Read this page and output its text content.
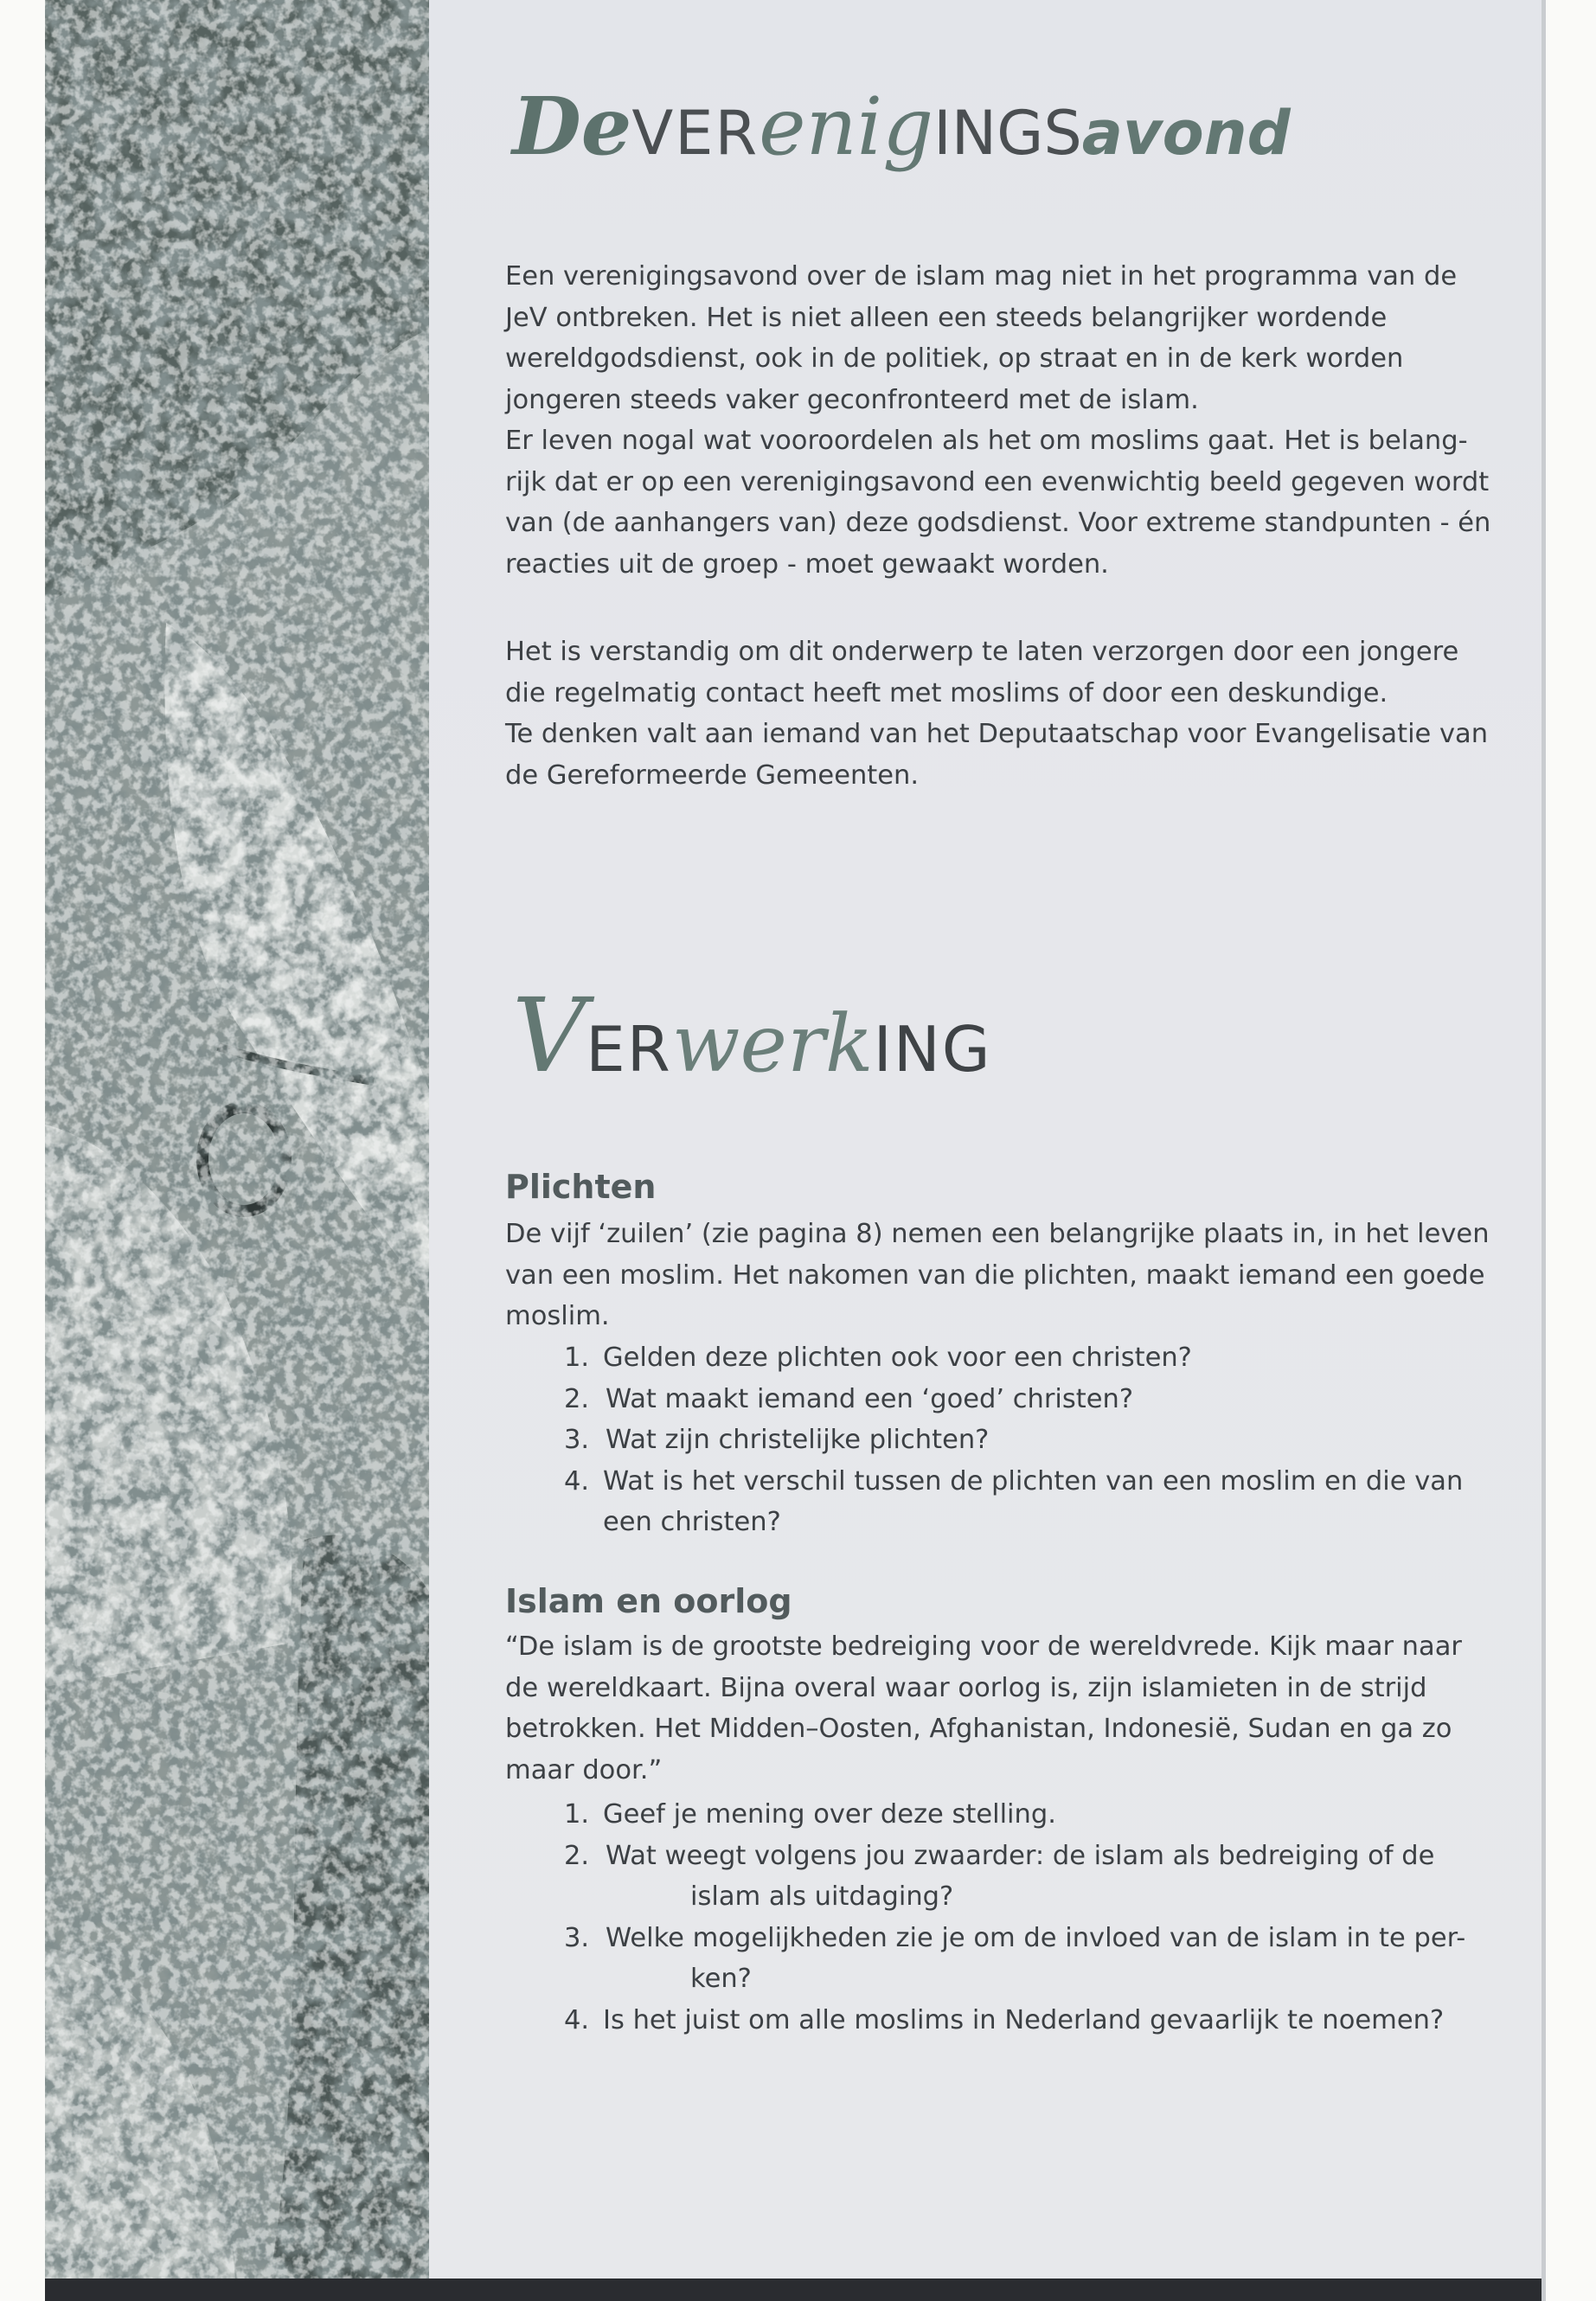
DeVERenigINGSavond
Een verenigingsavond over de islam mag niet in het programma van de
JeV ontbreken. Het is niet alleen een steeds belangrijker wordende
wereldgodsdienst, ook in de politiek, op straat en in de kerk worden
jongeren steeds vaker geconfronteerd met de islam.
Er leven nogal wat vooroordelen als het om moslims gaat. Het is belang-
rijk dat er op een verenigingsavond een evenwichtig beeld gegeven wordt
van (de aanhangers van) deze godsdienst. Voor extreme standpunten - én
reacties uit de groep - moet gewaakt worden.
Het is verstandig om dit onderwerp te laten verzorgen door een jongere
die regelmatig contact heeft met moslims of door een deskundige.
Te denken valt aan iemand van het Deputaatschap voor Evangelisatie van
de Gereformeerde Gemeenten.
VERwerkING
Plichten
De vijf ‘zuilen’ (zie pagina 8) nemen een belangrijke plaats in, in het leven
van een moslim. Het nakomen van die plichten, maakt iemand een goede
moslim.
1. Gelden deze plichten ook voor een christen?
2. Wat maakt iemand een ‘goed’ christen?
3. Wat zijn christelijke plichten?
4. Wat is het verschil tussen de plichten van een moslim en die van
een christen?
Islam en oorlog
“De islam is de grootste bedreiging voor de wereldvrede. Kijk maar naar
de wereldkaart. Bijna overal waar oorlog is, zijn islamieten in de strijd
betrokken. Het Midden–Oosten, Afghanistan, Indonesië, Sudan en ga zo
maar door.”
1. Geef je mening over deze stelling.
2. Wat weegt volgens jou zwaarder: de islam als bedreiging of de
islam als uitdaging?
3. Welke mogelijkheden zie je om de invloed van de islam in te per-
ken?
4. Is het juist om alle moslims in Nederland gevaarlijk te noemen?
